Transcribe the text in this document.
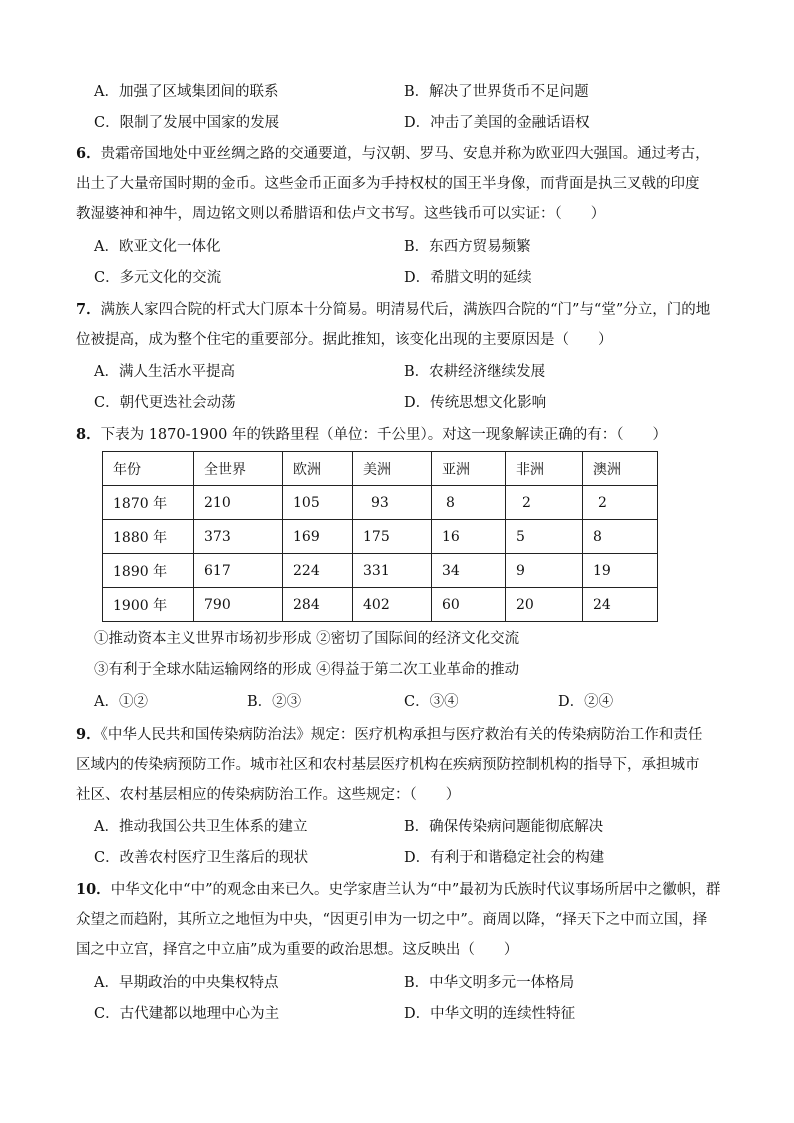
A．加强了区域集团间的联系	B．解决了世界货币不足问题
C．限制了发展中国家的发展	D．冲击了美国的金融话语权
6．贵霜帝国地处中亚丝绸之路的交通要道，与汉朝、罗马、安息并称为欧亚四大强国。通过考古，
出土了大量帝国时期的金币。这些金币正面多为手持权杖的国王半身像，而背面是执三叉戟的印度
教湿婆神和神牛，周边铭文则以希腊语和佉卢文书写。这些钱币可以实证：（　　）
A．欧亚文化一体化	B．东西方贸易频繁
C．多元文化的交流	D．希腊文明的延续
7．满族人家四合院的杆式大门原本十分简易。明清易代后，满族四合院的“门”与“堂”分立，门的地
位被提高，成为整个住宅的重要部分。据此推知，该变化出现的主要原因是（　　）
A．满人生活水平提高	B．农耕经济继续发展
C．朝代更迭社会动荡	D．传统思想文化影响
8．下表为 1870-1900 年的铁路里程（单位：千公里）。对这一现象解读正确的有：（　　）
年份	全世界	欧洲	美洲	亚洲	非洲	澳洲
1870 年	210	105	93	8	2	2
1880 年	373	169	175	16	5	8
1890 年	617	224	331	34	9	19
1900 年	790	284	402	60	20	24
①推动资本主义世界市场初步形成 ②密切了国际间的经济文化交流
③有利于全球水陆运输网络的形成 ④得益于第二次工业革命的推动
A．①②	B．②③	C．③④	D．②④
9．《中华人民共和国传染病防治法》规定：医疗机构承担与医疗救治有关的传染病防治工作和责任
区域内的传染病预防工作。城市社区和农村基层医疗机构在疾病预防控制机构的指导下，承担城市
社区、农村基层相应的传染病防治工作。这些规定：（　　）
A．推动我国公共卫生体系的建立	B．确保传染病问题能彻底解决
C．改善农村医疗卫生落后的现状	D．有利于和谐稳定社会的构建
10．中华文化中“中”的观念由来已久。史学家唐兰认为“中”最初为氏族时代议事场所居中之徽帜，群
众望之而趋附，其所立之地恒为中央，“因更引申为一切之中”。商周以降，“择天下之中而立国，择
国之中立宫，择宫之中立庙”成为重要的政治思想。这反映出（　　）
A．早期政治的中央集权特点	B．中华文明多元一体格局
C．古代建都以地理中心为主	D．中华文明的连续性特征
